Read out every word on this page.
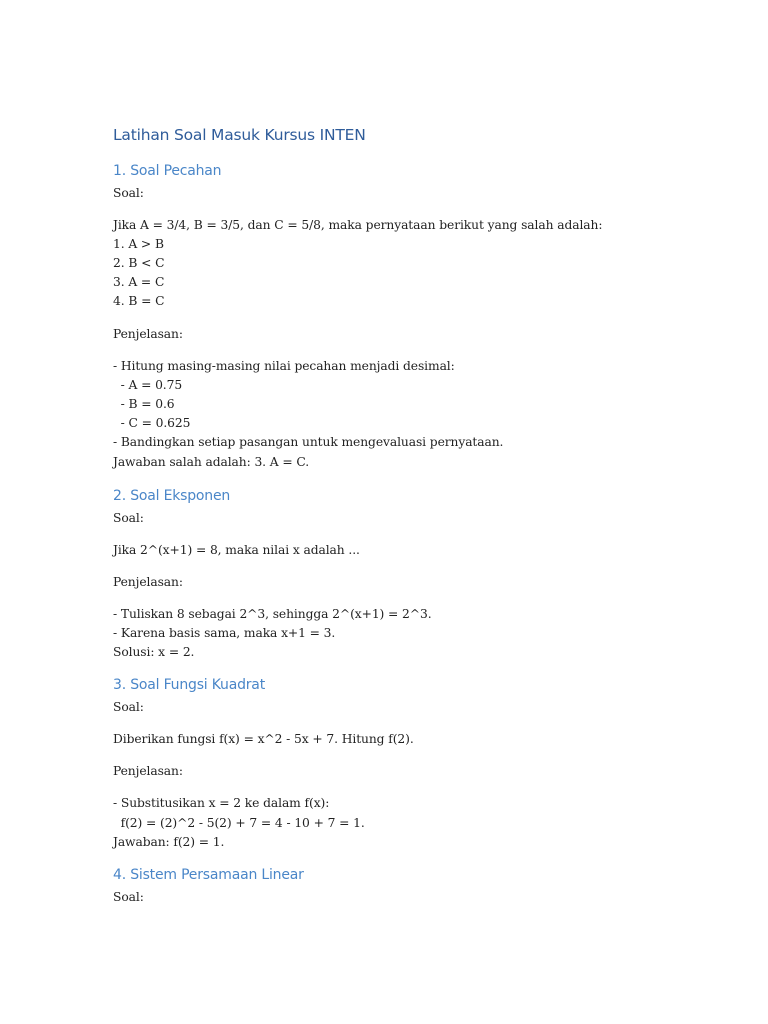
Latihan Soal Masuk Kursus INTEN
1. Soal Pecahan
Soal:
Jika A = 3/4, B = 3/5, dan C = 5/8, maka pernyataan berikut yang salah adalah:
1. A > B
2. B < C
3. A = C
4. B = C
Penjelasan:
- Hitung masing-masing nilai pecahan menjadi desimal:
- A = 0.75
- B = 0.6
- C = 0.625
- Bandingkan setiap pasangan untuk mengevaluasi pernyataan.
Jawaban salah adalah: 3. A = C.
2. Soal Eksponen
Soal:
Jika 2^(x+1) = 8, maka nilai x adalah ...
Penjelasan:
- Tuliskan 8 sebagai 2^3, sehingga 2^(x+1) = 2^3.
- Karena basis sama, maka x+1 = 3.
Solusi: x = 2.
3. Soal Fungsi Kuadrat
Soal:
Diberikan fungsi f(x) = x^2 - 5x + 7. Hitung f(2).
Penjelasan:
- Substitusikan x = 2 ke dalam f(x):
f(2) = (2)^2 - 5(2) + 7 = 4 - 10 + 7 = 1.
Jawaban: f(2) = 1.
4. Sistem Persamaan Linear
Soal:
